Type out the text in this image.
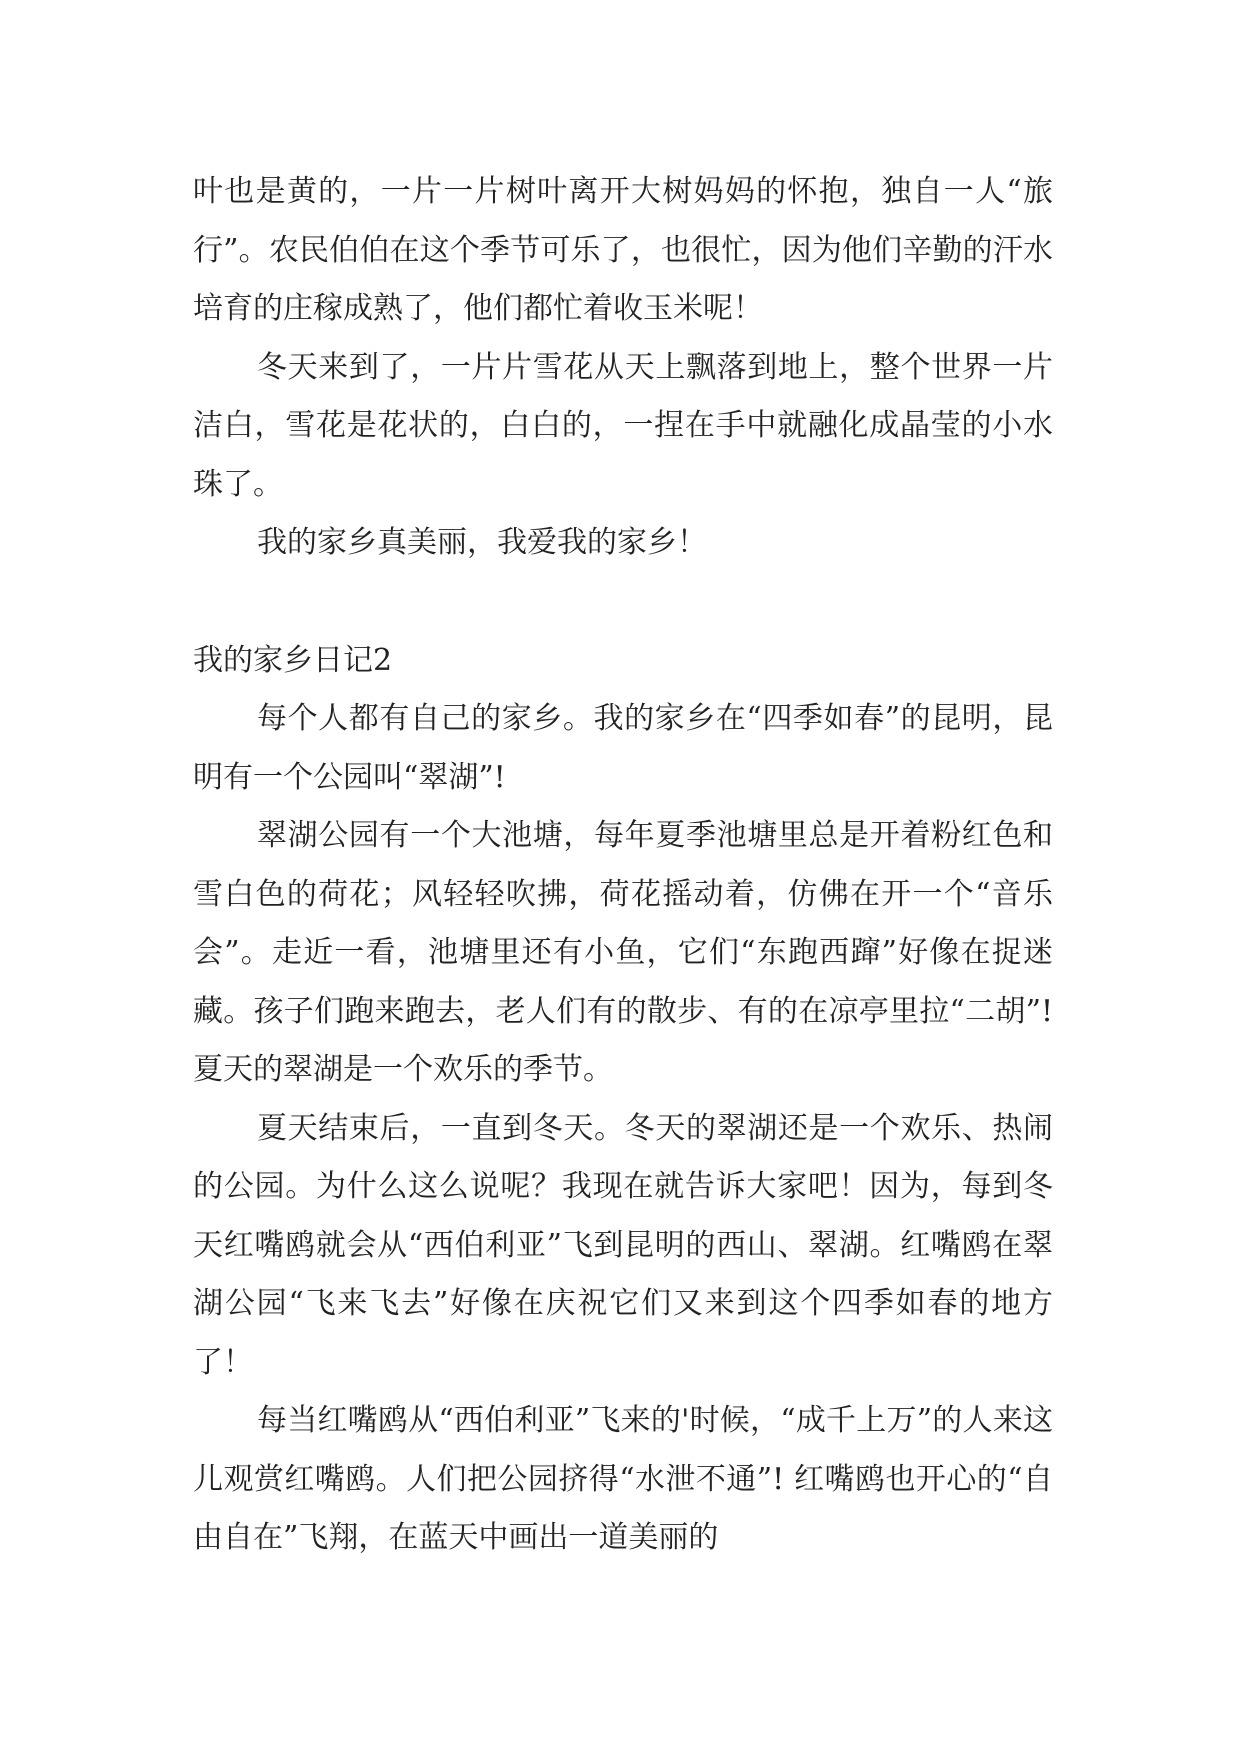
叶也是黄的，一片一片树叶离开大树妈妈的怀抱，独自一人“旅行”。农民伯伯在这个季节可乐了，也很忙，因为他们辛勤的汗水培育的庄稼成熟了，他们都忙着收玉米呢！

冬天来到了，一片片雪花从天上飘落到地上，整个世界一片洁白，雪花是花状的，白白的，一捏在手中就融化成晶莹的小水珠了。

我的家乡真美丽，我爱我的家乡！

我的家乡日记2

每个人都有自己的家乡。我的家乡在“四季如春”的昆明，昆明有一个公园叫“翠湖”!

翠湖公园有一个大池塘，每年夏季池塘里总是开着粉红色和雪白色的荷花；风轻轻吹拂，荷花摇动着，仿佛在开一个“音乐会”。走近一看，池塘里还有小鱼，它们“东跑西蹿”好像在捉迷藏。孩子们跑来跑去，老人们有的散步、有的在凉亭里拉“二胡”! 夏天的翠湖是一个欢乐的季节。

夏天结束后，一直到冬天。冬天的翠湖还是一个欢乐、热闹的公园。为什么这么说呢？我现在就告诉大家吧！因为，每到冬天红嘴鸥就会从“西伯利亚”飞到昆明的西山、翠湖。红嘴鸥在翠湖公园“飞来飞去”好像在庆祝它们又来到这个四季如春的地方了！

每当红嘴鸥从“西伯利亚”飞来的'时候，“成千上万”的人来这儿观赏红嘴鸥。人们把公园挤得“水泄不通”! 红嘴鸥也开心的“自由自在”飞翔，在蓝天中画出一道美丽的
